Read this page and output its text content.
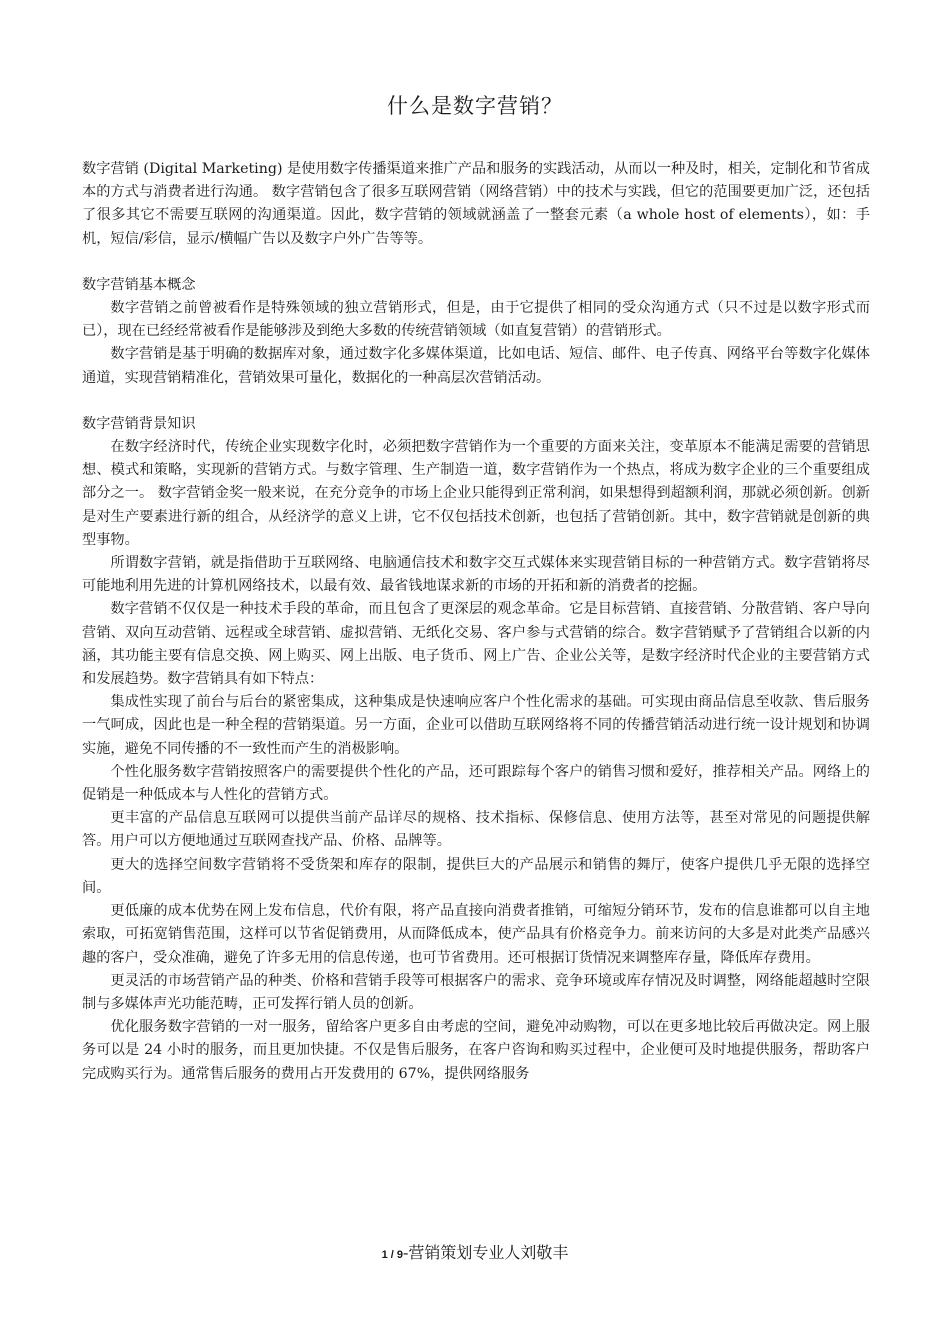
什么是数字营销？

数字营销 (Digital Marketing) 是使用数字传播渠道来推广产品和服务的实践活动，从而以一种及时，相关，定制化和节省成本的方式与消费者进行沟通。 数字营销包含了很多互联网营销（网络营销）中的技术与实践，但它的范围要更加广泛，还包括了很多其它不需要互联网的沟通渠道。因此，数字营销的领域就涵盖了一整套元素（a whole host of elements），如：手机，短信/彩信，显示/横幅广告以及数字户外广告等等。

数字营销基本概念

数字营销之前曾被看作是特殊领域的独立营销形式，但是，由于它提供了相同的受众沟通方式（只不过是以数字形式而已），现在已经经常被看作是能够涉及到绝大多数的传统营销领域（如直复营销）的营销形式。

数字营销是基于明确的数据库对象，通过数字化多媒体渠道，比如电话、短信、邮件、电子传真、网络平台等数字化媒体通道，实现营销精准化，营销效果可量化，数据化的一种高层次营销活动。

数字营销背景知识

在数字经济时代，传统企业实现数字化时，必须把数字营销作为一个重要的方面来关注，变革原本不能满足需要的营销思想、模式和策略，实现新的营销方式。与数字管理、生产制造一道，数字营销作为一个热点，将成为数字企业的三个重要组成部分之一。 数字营销金奖一般来说，在充分竞争的市场上企业只能得到正常利润，如果想得到超额利润，那就必须创新。创新是对生产要素进行新的组合，从经济学的意义上讲，它不仅包括技术创新，也包括了营销创新。其中，数字营销就是创新的典型事物。

所谓数字营销，就是指借助于互联网络、电脑通信技术和数字交互式媒体来实现营销目标的一种营销方式。数字营销将尽可能地利用先进的计算机网络技术，以最有效、最省钱地谋求新的市场的开拓和新的消费者的挖掘。

数字营销不仅仅是一种技术手段的革命，而且包含了更深层的观念革命。它是目标营销、直接营销、分散营销、客户导向营销、双向互动营销、远程或全球营销、虚拟营销、无纸化交易、客户参与式营销的综合。数字营销赋予了营销组合以新的内涵，其功能主要有信息交换、网上购买、网上出版、电子货币、网上广告、企业公关等，是数字经济时代企业的主要营销方式和发展趋势。数字营销具有如下特点：

集成性实现了前台与后台的紧密集成，这种集成是快速响应客户个性化需求的基础。可实现由商品信息至收款、售后服务一气呵成，因此也是一种全程的营销渠道。另一方面，企业可以借助互联网络将不同的传播营销活动进行统一设计规划和协调实施，避免不同传播的不一致性而产生的消极影响。

个性化服务数字营销按照客户的需要提供个性化的产品，还可跟踪每个客户的销售习惯和爱好，推荐相关产品。网络上的促销是一种低成本与人性化的营销方式。

更丰富的产品信息互联网可以提供当前产品详尽的规格、技术指标、保修信息、使用方法等，甚至对常见的问题提供解答。用户可以方便地通过互联网查找产品、价格、品牌等。

更大的选择空间数字营销将不受货架和库存的限制，提供巨大的产品展示和销售的舞厅，使客户提供几乎无限的选择空间。

更低廉的成本优势在网上发布信息，代价有限，将产品直接向消费者推销，可缩短分销环节，发布的信息谁都可以自主地索取，可拓宽销售范围，这样可以节省促销费用，从而降低成本，使产品具有价格竞争力。前来访问的大多是对此类产品感兴趣的客户，受众准确，避免了许多无用的信息传递，也可节省费用。还可根据订货情况来调整库存量，降低库存费用。

更灵活的市场营销产品的种类、价格和营销手段等可根据客户的需求、竞争环境或库存情况及时调整，网络能超越时空限制与多媒体声光功能范畴，正可发挥行销人员的创新。

优化服务数字营销的一对一服务，留给客户更多自由考虑的空间，避免冲动购物，可以在更多地比较后再做决定。网上服务可以是 24 小时的服务，而且更加快捷。不仅是售后服务，在客户咨询和购买过程中，企业便可及时地提供服务，帮助客户完成购买行为。通常售后服务的费用占开发费用的 67%，提供网络服务

1 / 9-营销策划专业人刘敬丰
